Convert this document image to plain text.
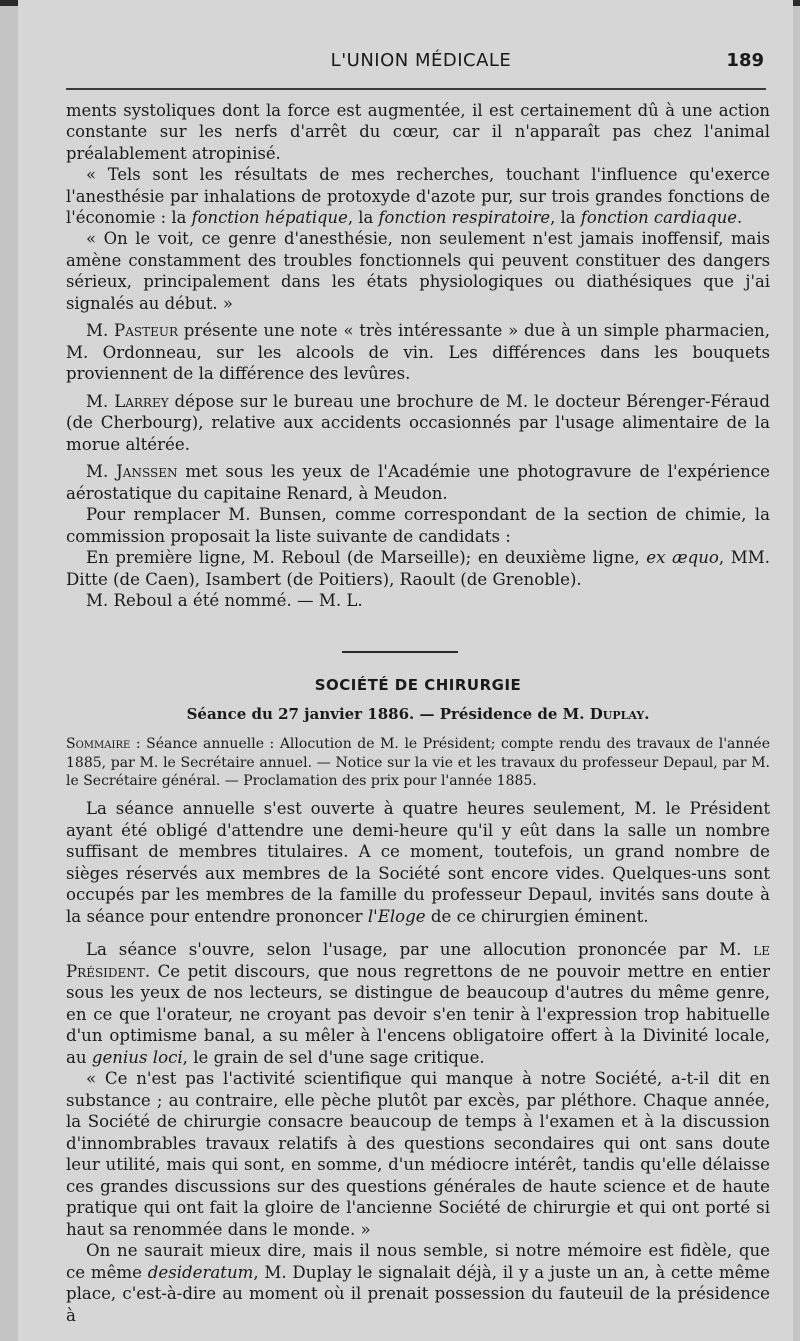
L'UNION MÉDICALE	189

ments systoliques dont la force est augmentée, il est certainement dû à une action constante sur les nerfs d'arrêt du cœur, car il n'apparaît pas chez l'animal préalablement atropinisé.

« Tels sont les résultats de mes recherches, touchant l'influence qu'exerce l'anesthésie par inhalations de protoxyde d'azote pur, sur trois grandes fonctions de l'économie : la fonction hépatique, la fonction respiratoire, la fonction cardiaque.

« On le voit, ce genre d'anesthésie, non seulement n'est jamais inoffensif, mais amène constamment des troubles fonctionnels qui peuvent constituer des dangers sérieux, principalement dans les états physiologiques ou diathésiques que j'ai signalés au début. »

M. Pasteur présente une note « très intéressante » due à un simple pharmacien, M. Ordonneau, sur les alcools de vin. Les différences dans les bouquets proviennent de la différence des levûres.

M. Larrey dépose sur le bureau une brochure de M. le docteur Bérenger-Féraud (de Cherbourg), relative aux accidents occasionnés par l'usage alimentaire de la morue altérée.

M. Janssen met sous les yeux de l'Académie une photogravure de l'expérience aérostatique du capitaine Renard, à Meudon.

Pour remplacer M. Bunsen, comme correspondant de la section de chimie, la commission proposait la liste suivante de candidats :

En première ligne, M. Reboul (de Marseille); en deuxième ligne, ex æquo, MM. Ditte (de Caen), Isambert (de Poitiers), Raoult (de Grenoble).

M. Reboul a été nommé. — M. L.

SOCIÉTÉ DE CHIRURGIE
Séance du 27 janvier 1886. — Présidence de M. Duplay.
Sommaire : Séance annuelle : Allocution de M. le Président; compte rendu des travaux de l'année 1885, par M. le Secrétaire annuel. — Notice sur la vie et les travaux du professeur Depaul, par M. le Secrétaire général. — Proclamation des prix pour l'année 1885.

La séance annuelle s'est ouverte à quatre heures seulement, M. le Président ayant été obligé d'attendre une demi-heure qu'il y eût dans la salle un nombre suffisant de membres titulaires. A ce moment, toutefois, un grand nombre de sièges réservés aux membres de la Société sont encore vides. Quelques-uns sont occupés par les membres de la famille du professeur Depaul, invités sans doute à la séance pour entendre prononcer l'Eloge de ce chirurgien éminent.

La séance s'ouvre, selon l'usage, par une allocution prononcée par M. le Président. Ce petit discours, que nous regrettons de ne pouvoir mettre en entier sous les yeux de nos lecteurs, se distingue de beaucoup d'autres du même genre, en ce que l'orateur, ne croyant pas devoir s'en tenir à l'expression trop habituelle d'un optimisme banal, a su mêler à l'encens obligatoire offert à la Divinité locale, au genius loci, le grain de sel d'une sage critique.

« Ce n'est pas l'activité scientifique qui manque à notre Société, a-t-il dit en substance ; au contraire, elle pèche plutôt par excès, par pléthore. Chaque année, la Société de chirurgie consacre beaucoup de temps à l'examen et à la discussion d'innombrables travaux relatifs à des questions secondaires qui ont sans doute leur utilité, mais qui sont, en somme, d'un médiocre intérêt, tandis qu'elle délaisse ces grandes discussions sur des questions générales de haute science et de haute pratique qui ont fait la gloire de l'ancienne Société de chirurgie et qui ont porté si haut sa renommée dans le monde. »

On ne saurait mieux dire, mais il nous semble, si notre mémoire est fidèle, que ce même desideratum, M. Duplay le signalait déjà, il y a juste un an, à cette même place, c'est-à-dire au moment où il prenait possession du fauteuil de la présidence à
